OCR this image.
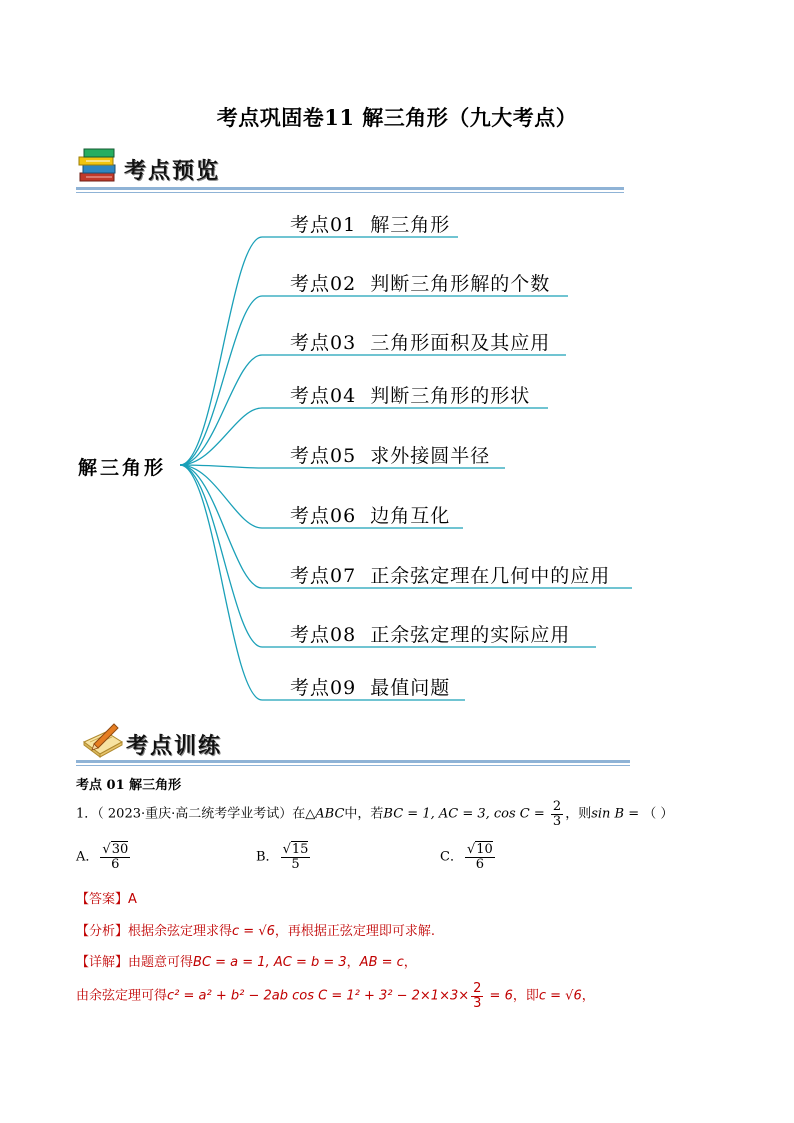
考点巩固卷11 解三角形（九大考点）
考点预览
解三角形
考点01 解三角形
考点02 判断三角形解的个数
考点03 三角形面积及其应用
考点04 判断三角形的形状
考点05 求外接圆半径
考点06 边角互化
考点07 正余弦定理在几何中的应用
考点08 正余弦定理的实际应用
考点09 最值问题
考点训练
考点 01 解三角形
1．（ 2023·重庆·高二统考学业考试）在△ABC中，若BC = 1, AC = 3, $\cos C = \frac{2}{3}$ ，则sin B = （ ）
A． $\frac{√30}{6}$	B． $\frac{√15}{5}$	C． $\frac{√10}{6}$
【答案】A
【分析】根据余弦定理求得c = √6，再根据正弦定理即可求解.
【详解】由题意可得BC = a = 1, AC = b = 3，AB = c，
由余弦定理可得c² = a² + b² − 2ab $\cos C = 1^2 + 3^2 - 2\times 1\times 3\times \frac{2}{3} = 6$，即c = √6，
